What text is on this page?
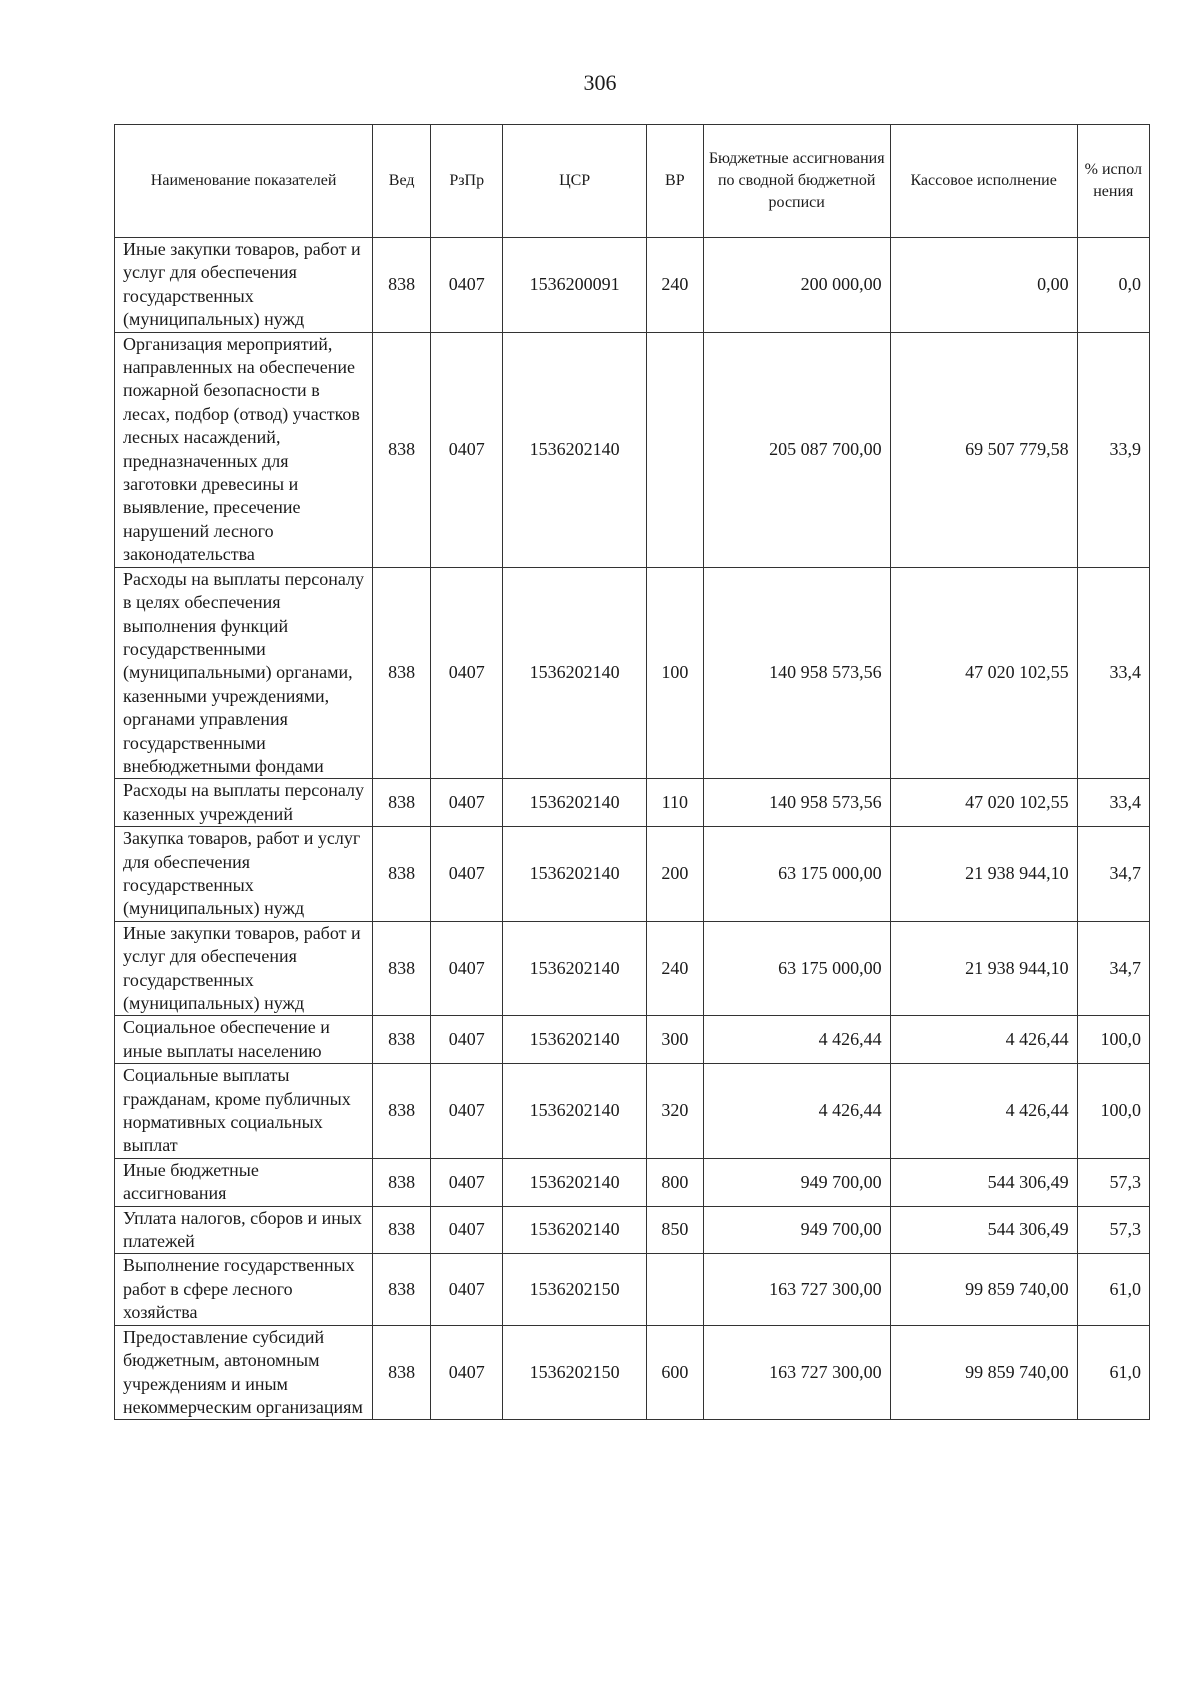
306
Наименование показателей	Вед	РзПр	ЦСР	ВР	Бюджетные ассигнования по сводной бюджетной росписи	Кассовое исполнение	% испол нения
Иные закупки товаров, работ и услуг для обеспечения государственных (муниципальных) нужд	838	0407	1536200091	240	200 000,00	0,00	0,0
Организация мероприятий, направленных на обеспечение пожарной безопасности в лесах, подбор (отвод) участков лесных насаждений, предназначенных для заготовки древесины и выявление, пресечение нарушений лесного законодательства	838	0407	1536202140		205 087 700,00	69 507 779,58	33,9
Расходы на выплаты персоналу в целях обеспечения выполнения функций государственными (муниципальными) органами, казенными учреждениями, органами управления государственными внебюджетными фондами	838	0407	1536202140	100	140 958 573,56	47 020 102,55	33,4
Расходы на выплаты персоналу казенных учреждений	838	0407	1536202140	110	140 958 573,56	47 020 102,55	33,4
Закупка товаров, работ и услуг для обеспечения государственных (муниципальных) нужд	838	0407	1536202140	200	63 175 000,00	21 938 944,10	34,7
Иные закупки товаров, работ и услуг для обеспечения государственных (муниципальных) нужд	838	0407	1536202140	240	63 175 000,00	21 938 944,10	34,7
Социальное обеспечение и иные выплаты населению	838	0407	1536202140	300	4 426,44	4 426,44	100,0
Социальные выплаты гражданам, кроме публичных нормативных социальных выплат	838	0407	1536202140	320	4 426,44	4 426,44	100,0
Иные бюджетные ассигнования	838	0407	1536202140	800	949 700,00	544 306,49	57,3
Уплата налогов, сборов и иных платежей	838	0407	1536202140	850	949 700,00	544 306,49	57,3
Выполнение государственных работ в сфере лесного хозяйства	838	0407	1536202150		163 727 300,00	99 859 740,00	61,0
Предоставление субсидий бюджетным, автономным учреждениям и иным некоммерческим организациям	838	0407	1536202150	600	163 727 300,00	99 859 740,00	61,0
